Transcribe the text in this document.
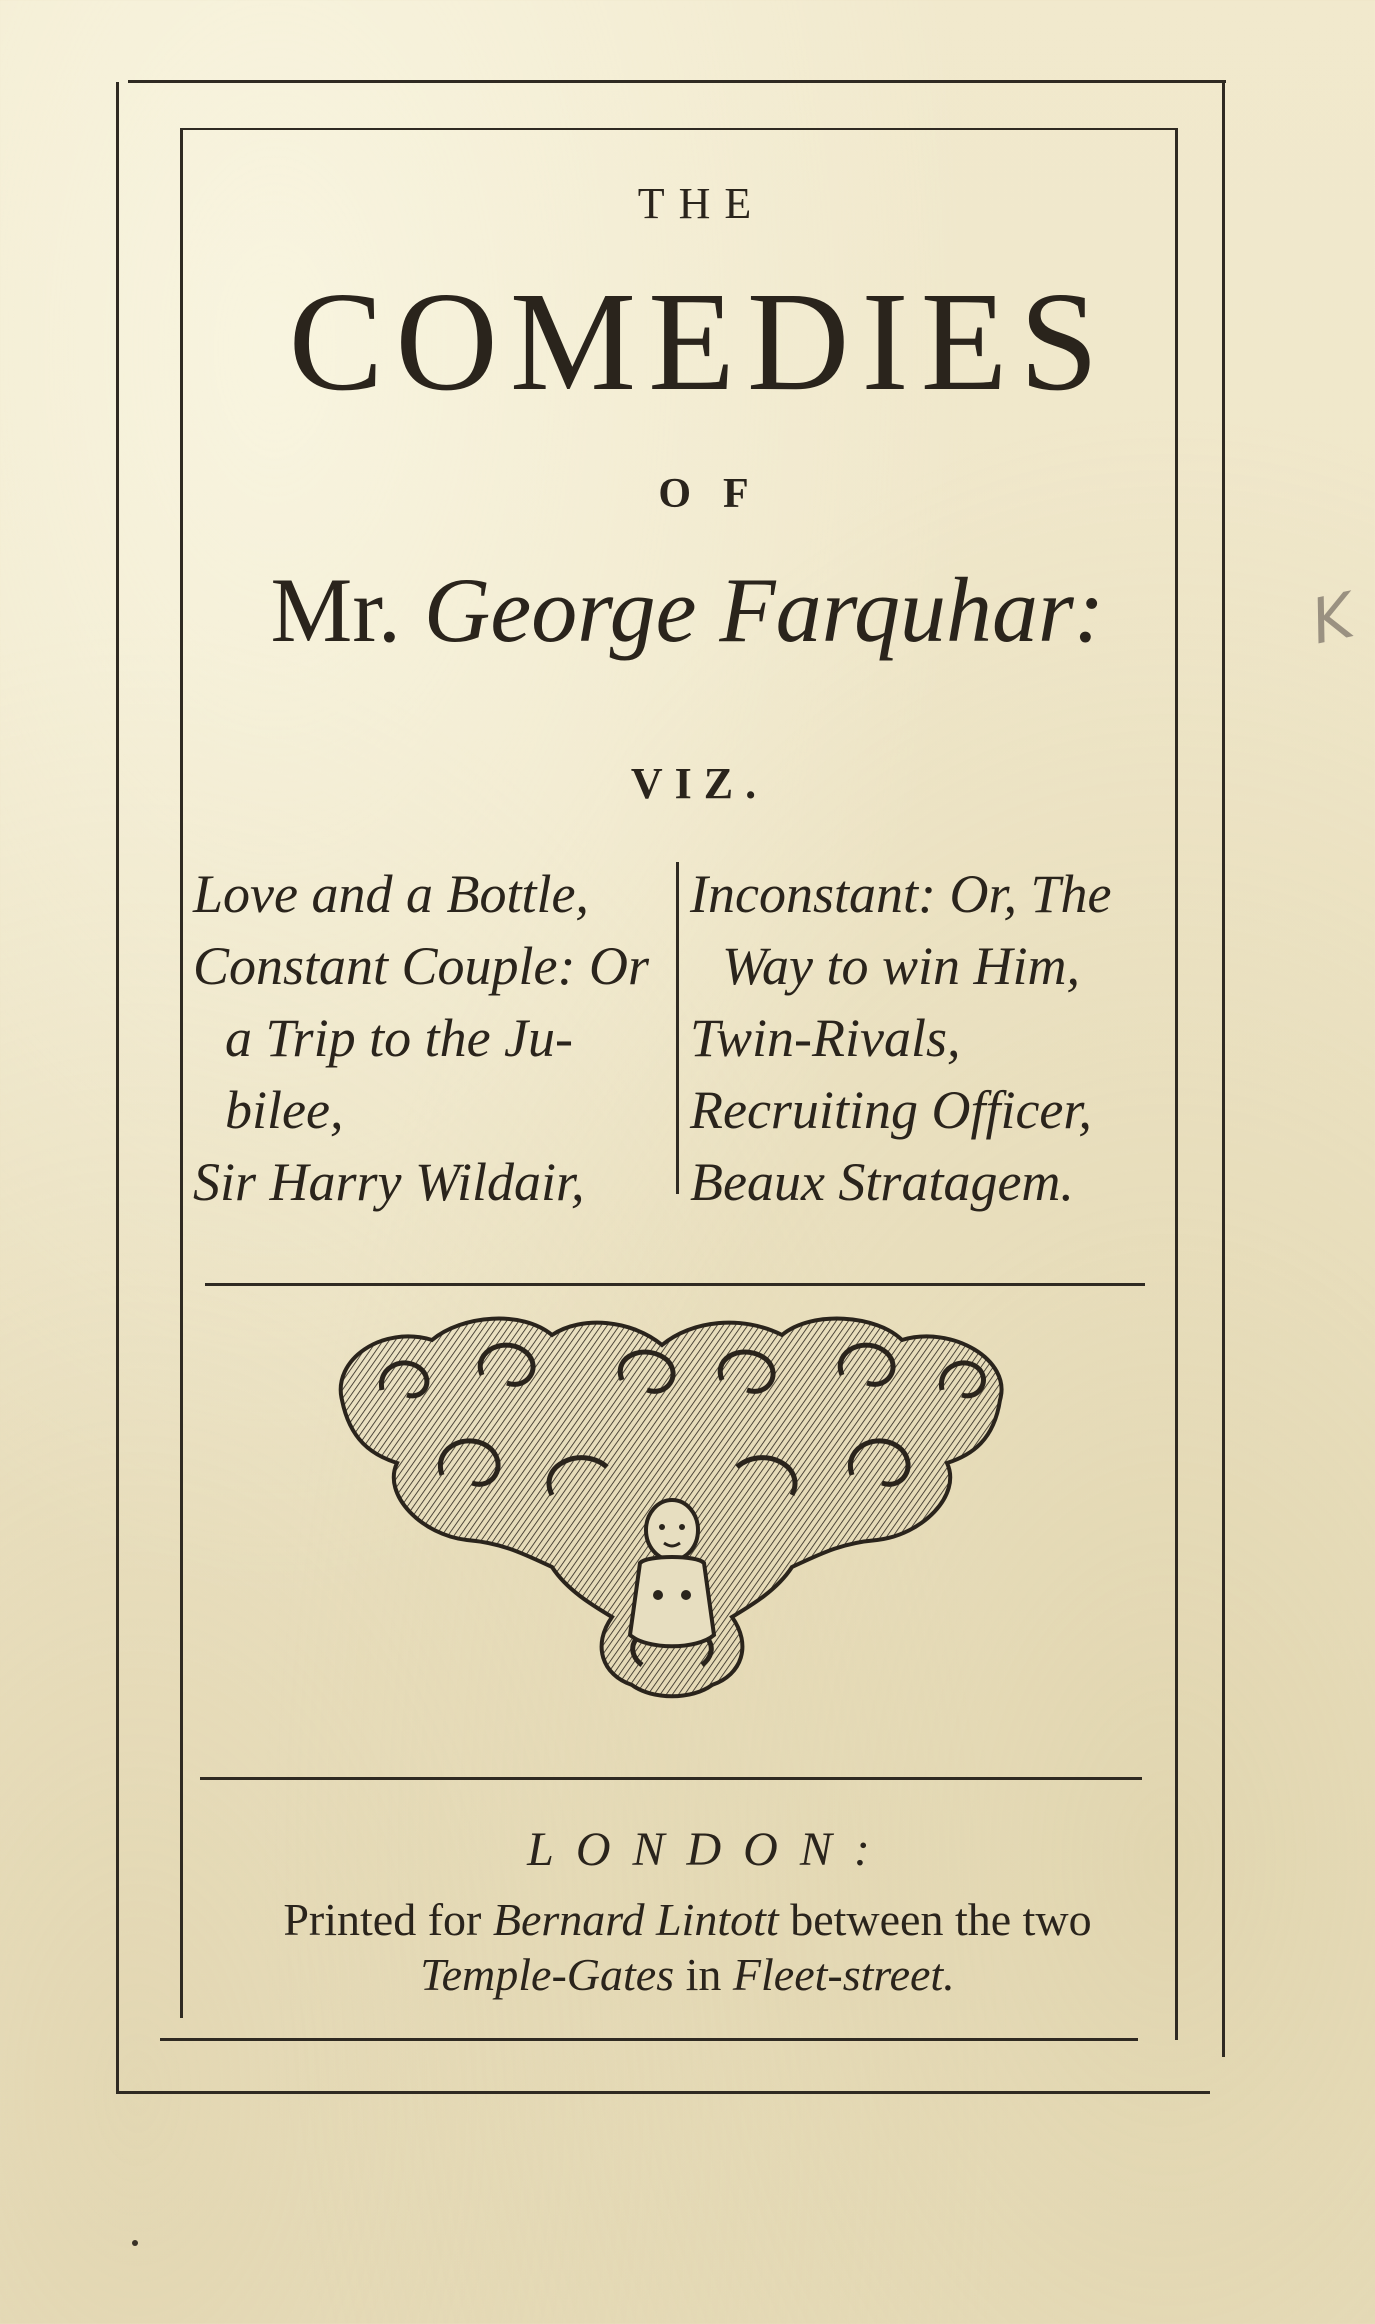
THE
COMEDIES
OF
Mr. George Farquhar:
VIZ.
Love and a Bottle,
Constant Couple: Or
a Trip to the Ju-
bilee,
Sir Harry Wildair,
Inconstant: Or, The
Way to win Him,
Twin-Rivals,
Recruiting Officer,
Beaux Stratagem.
LONDON:
Printed for Bernard Lintott between the two
Temple-Gates in Fleet-street.
K
